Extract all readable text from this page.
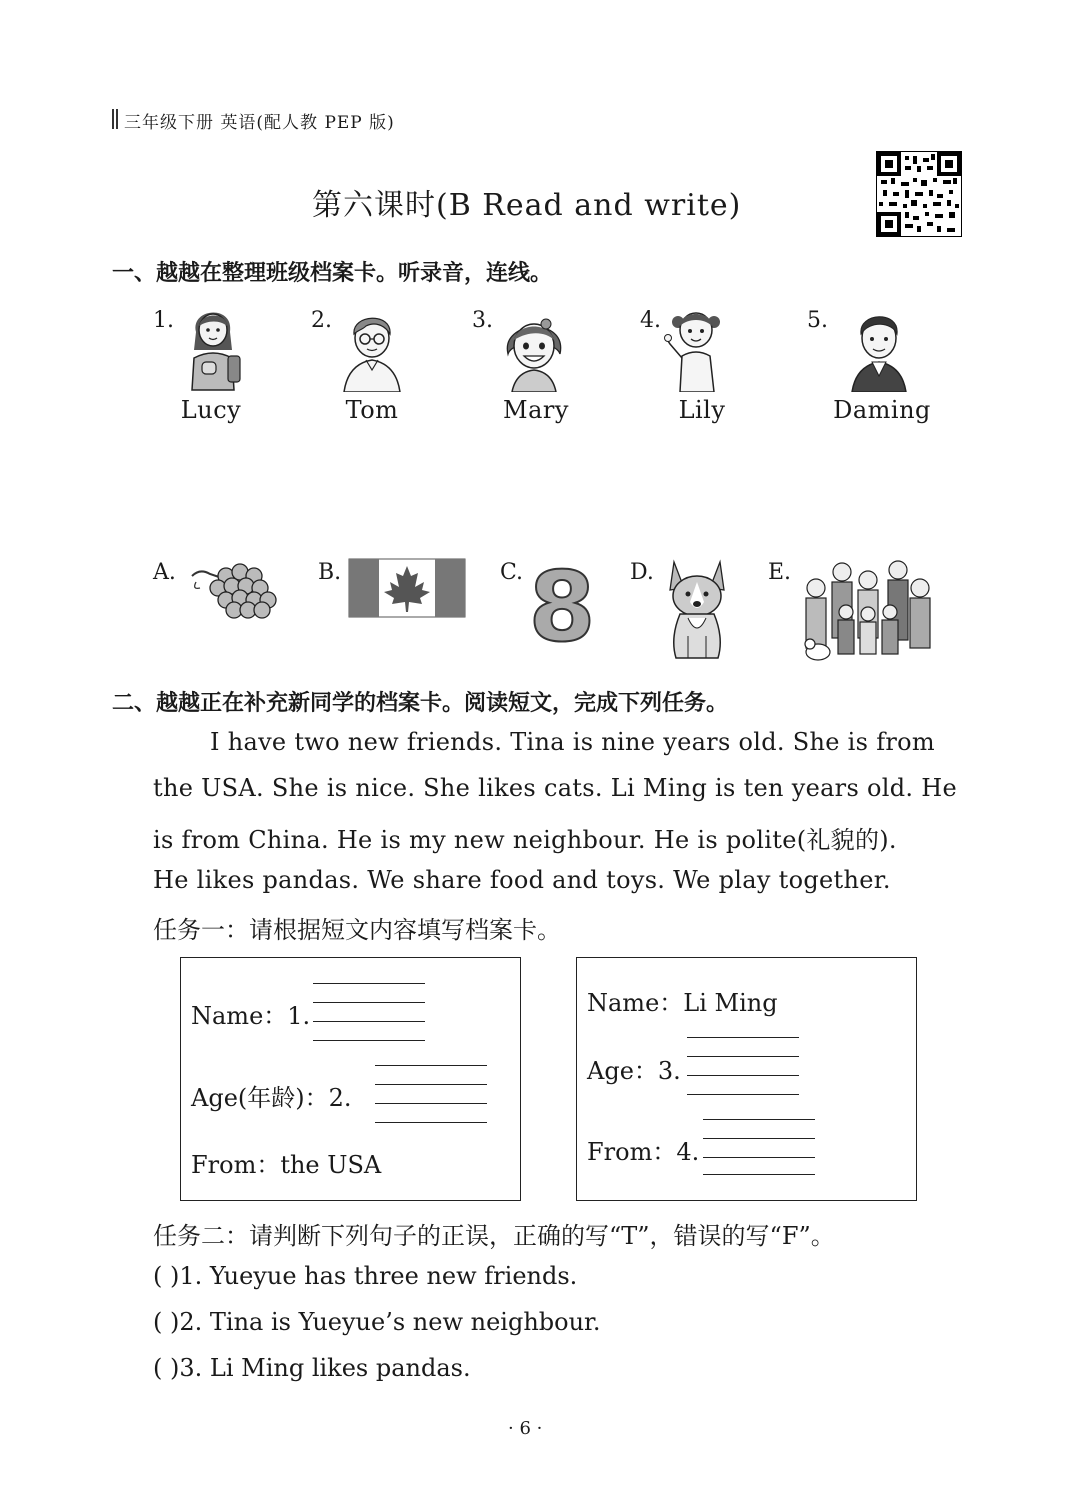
三年级下册 英语(配人教 PEP 版)
第六课时(B Read and write)
一、越越在整理班级档案卡。听录音，连线。
1.	2.	3.	4.	5.
Lucy	Tom	Mary	Lily	Daming
A.	B.	C.	D.	E.
8
二、越越正在补充新同学的档案卡。阅读短文，完成下列任务。
I have two new friends. Tina is nine years old. She is from
the USA. She is nice. She likes cats. Li Ming is ten years old. He
is from China. He is my new neighbour. He is polite(礼貌的).
He likes pandas. We share food and toys. We play together.
任务一：请根据短文内容填写档案卡。
Name：1.
Age(年龄)：2.
From：the USA
Name：Li Ming
Age：3.
From：4.
任务二：请判断下列句子的正误，正确的写“T”，错误的写“F”。
( )1. Yueyue has three new friends.
( )2. Tina is Yueyue’s new neighbour.
( )3. Li Ming likes pandas.
· 6 ·
